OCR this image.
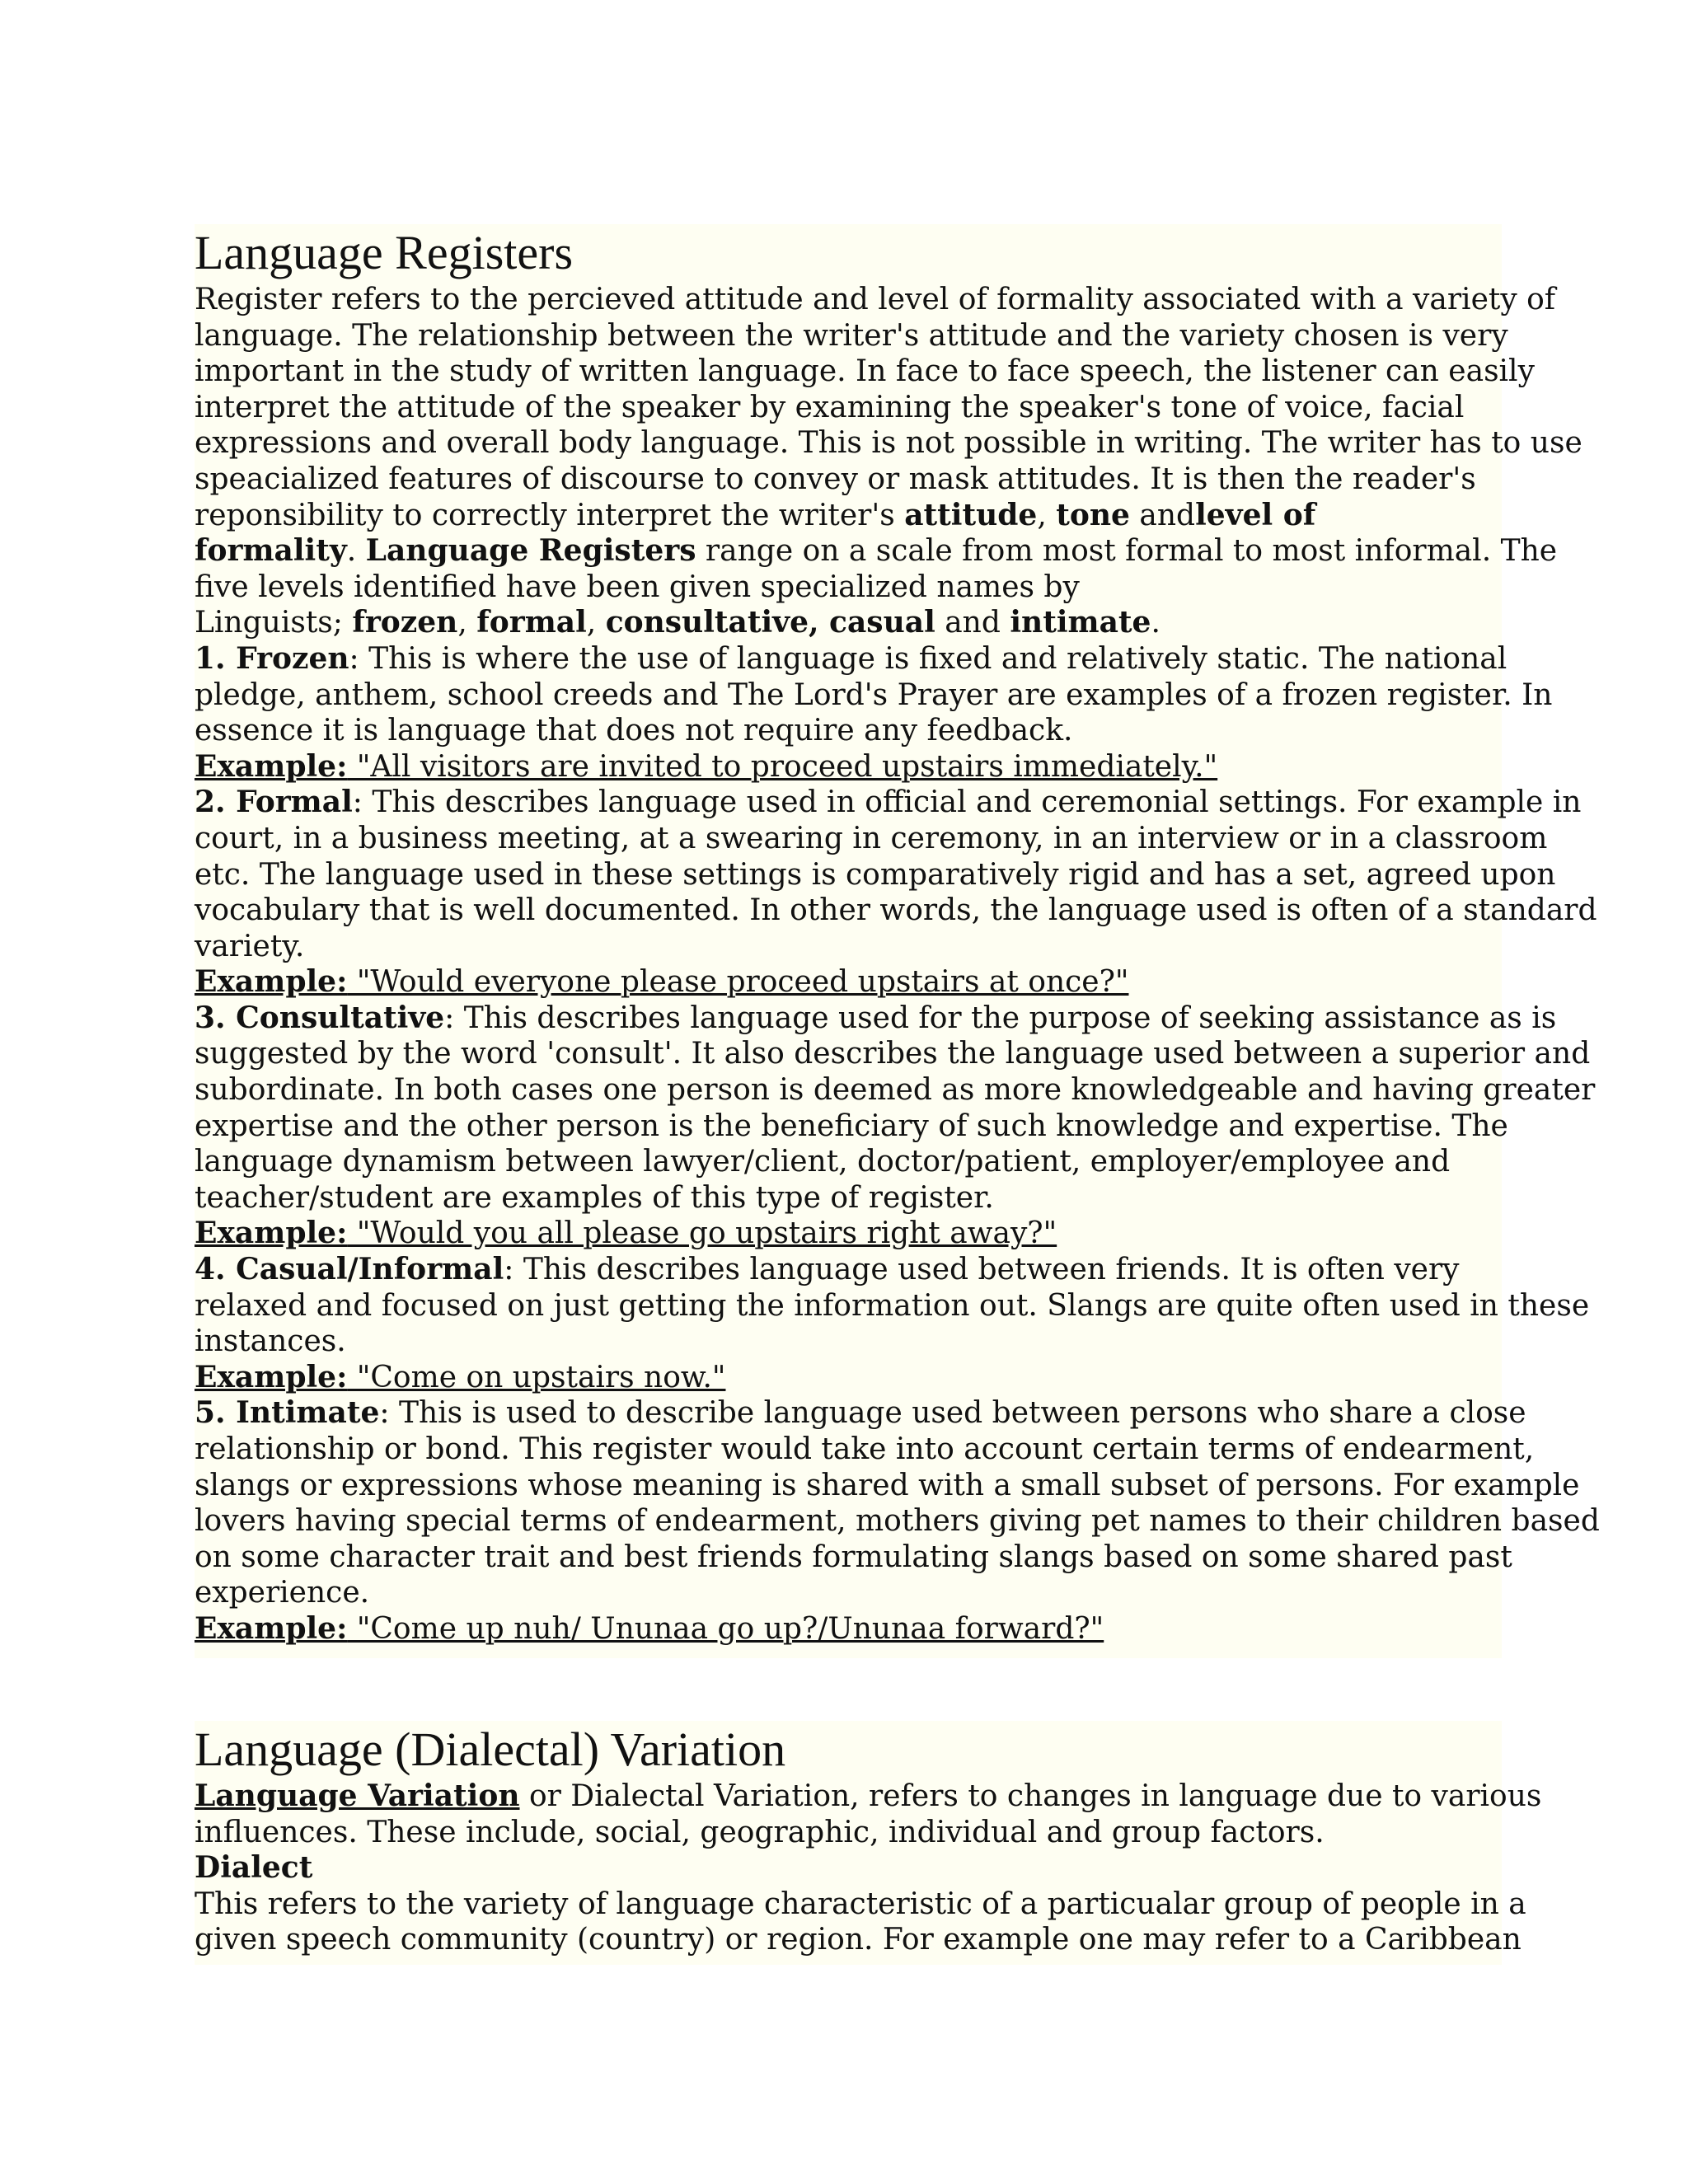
Language Registers
Register refers to the percieved attitude and level of formality associated with a variety of
language. The relationship between the writer's attitude and the variety chosen is very
important in the study of written language. In face to face speech, the listener can easily
interpret the attitude of the speaker by examining the speaker's tone of voice, facial
expressions and overall body language. This is not possible in writing. The writer has to use
speacialized features of discourse to convey or mask attitudes. It is then the reader's
reponsibility to correctly interpret the writer's attitude, tone andlevel of
formality. Language Registers range on a scale from most formal to most informal. The
five levels identified have been given specialized names by
Linguists; frozen, formal, consultative, casual and intimate.
1. Frozen: This is where the use of language is fixed and relatively static. The national
pledge, anthem, school creeds and The Lord's Prayer are examples of a frozen register. In
essence it is language that does not require any feedback.
Example: "All visitors are invited to proceed upstairs immediately."
2. Formal: This describes language used in official and ceremonial settings. For example in
court, in a business meeting, at a swearing in ceremony, in an interview or in a classroom
etc. The language used in these settings is comparatively rigid and has a set, agreed upon
vocabulary that is well documented. In other words, the language used is often of a standard
variety.
Example: "Would everyone please proceed upstairs at once?"
3. Consultative: This describes language used for the purpose of seeking assistance as is
suggested by the word 'consult'. It also describes the language used between a superior and
subordinate. In both cases one person is deemed as more knowledgeable and having greater
expertise and the other person is the beneficiary of such knowledge and expertise. The
language dynamism between lawyer/client, doctor/patient, employer/employee and
teacher/student are examples of this type of register.
Example: "Would you all please go upstairs right away?"
4. Casual/Informal: This describes language used between friends. It is often very
relaxed and focused on just getting the information out. Slangs are quite often used in these
instances.
Example: "Come on upstairs now."
5. Intimate: This is used to describe language used between persons who share a close
relationship or bond. This register would take into account certain terms of endearment,
slangs or expressions whose meaning is shared with a small subset of persons. For example
lovers having special terms of endearment, mothers giving pet names to their children based
on some character trait and best friends formulating slangs based on some shared past
experience.
Example: "Come up nuh/ Ununaa go up?/Ununaa forward?"
Language (Dialectal) Variation
Language Variation or Dialectal Variation, refers to changes in language due to various
influences. These include, social, geographic, individual and group factors.
Dialect
This refers to the variety of language characteristic of a particualar group of people in a
given speech community (country) or region. For example one may refer to a Caribbean
